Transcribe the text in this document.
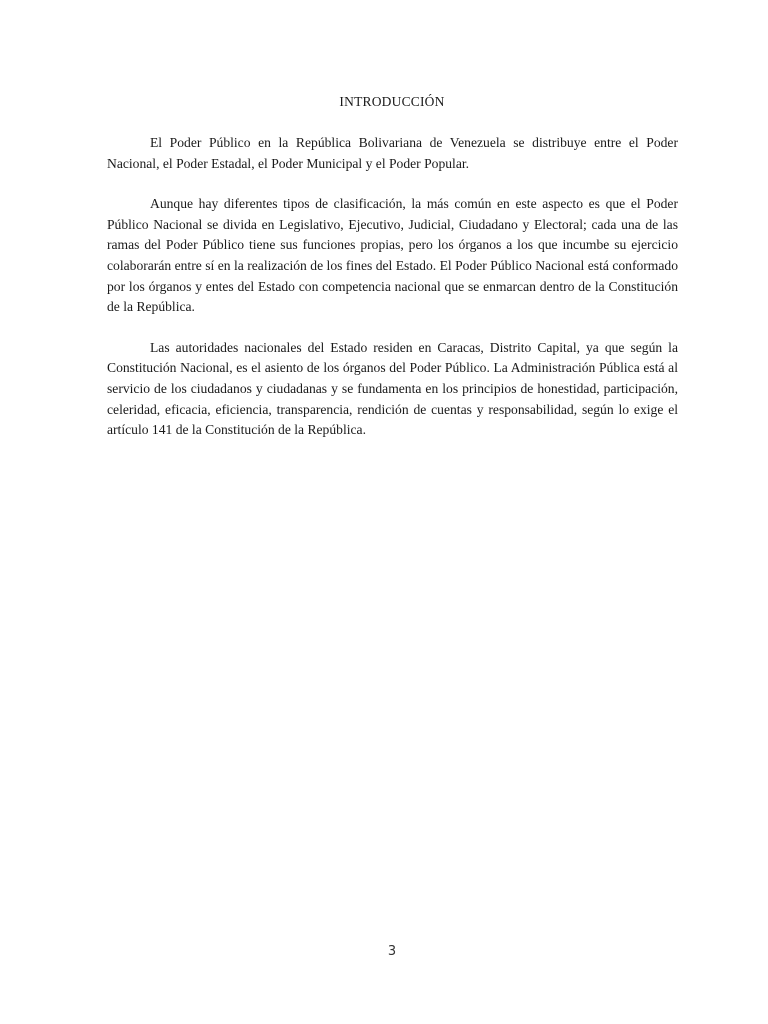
INTRODUCCIÓN

El Poder Público en la República Bolivariana de Venezuela se distribuye entre el Poder Nacional, el Poder Estadal, el Poder Municipal y el Poder Popular.

Aunque hay diferentes tipos de clasificación, la más común en este aspecto es que el Poder Público Nacional se divida en Legislativo, Ejecutivo, Judicial, Ciudadano y Electoral; cada una de las ramas del Poder Público tiene sus funciones propias, pero los órganos a los que incumbe su ejercicio colaborarán entre sí en la realización de los fines del Estado. El Poder Público Nacional está conformado por los órganos y entes del Estado con competencia nacional que se enmarcan dentro de la Constitución de la República.

Las autoridades nacionales del Estado residen en Caracas, Distrito Capital, ya que según la Constitución Nacional, es el asiento de los órganos del Poder Público. La Administración Pública está al servicio de los ciudadanos y ciudadanas y se fundamenta en los principios de honestidad, participación, celeridad, eficacia, eficiencia, transparencia, rendición de cuentas y responsabilidad, según lo exige el artículo 141 de la Constitución de la República.

3
